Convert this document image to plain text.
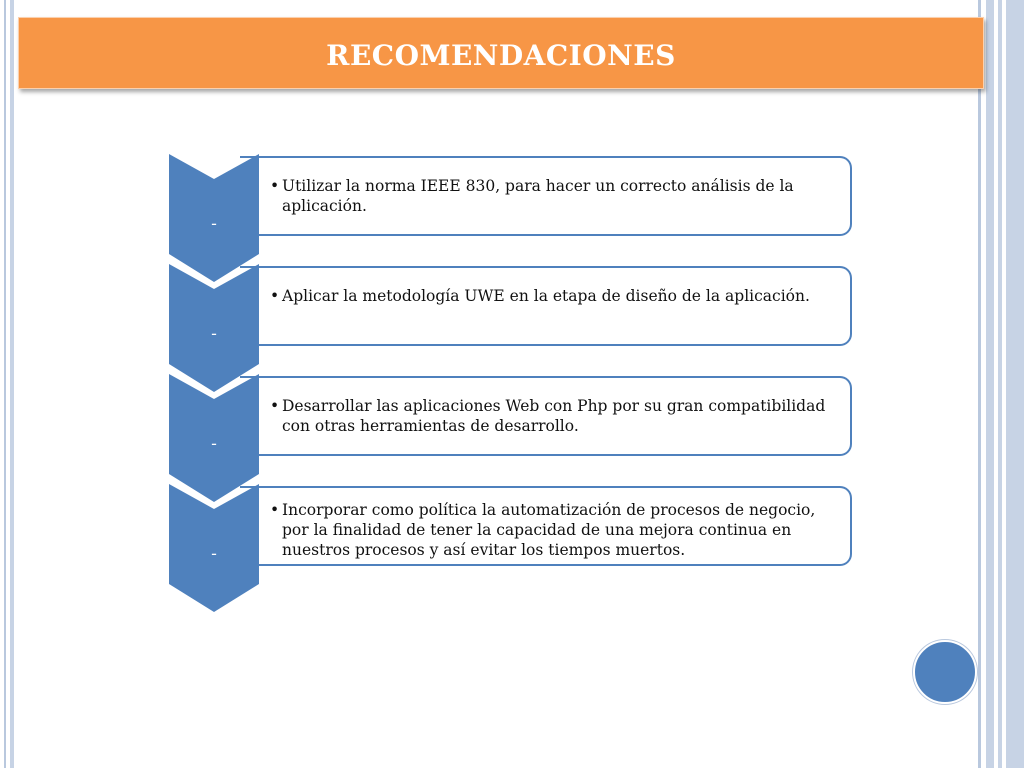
RECOMENDACIONES
• Utilizar la norma IEEE 830, para hacer un correcto análisis de la aplicación.
-
• Aplicar la metodología UWE en la etapa de diseño de la aplicación.
-
• Desarrollar las aplicaciones Web con Php por su gran compatibilidad con otras herramientas de desarrollo.
-
• Incorporar como política la automatización de procesos de negocio, por la finalidad de tener la capacidad de una mejora continua en nuestros procesos y así evitar los tiempos muertos.
-
